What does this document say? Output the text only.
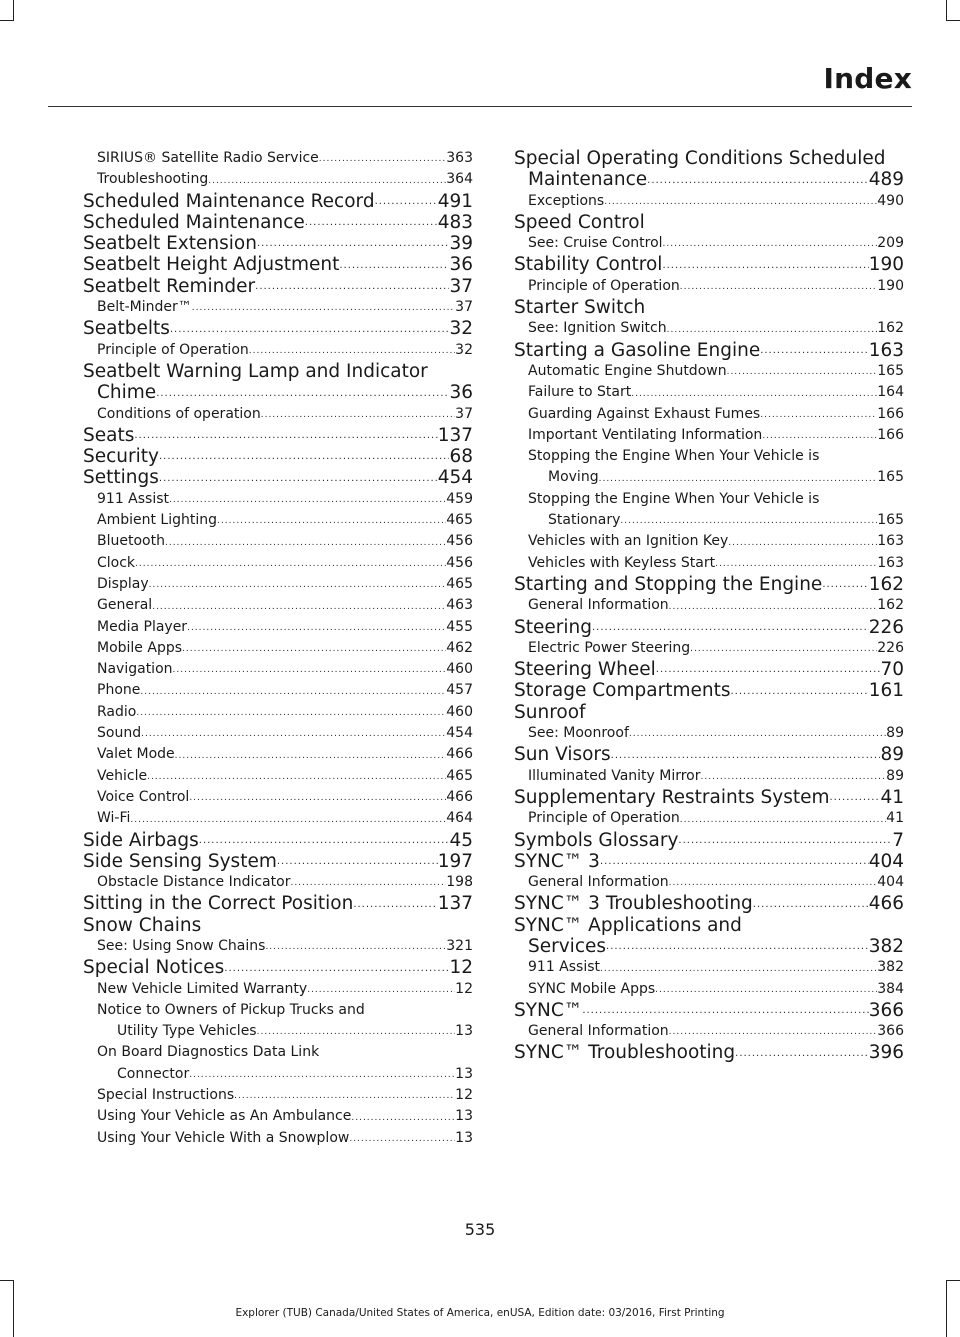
Index
SIRIUS® Satellite Radio Service .....	363
Troubleshooting .....	364
Scheduled Maintenance Record .....	491
Scheduled Maintenance .....	483
Seatbelt Extension .....	39
Seatbelt Height Adjustment .....	36
Seatbelt Reminder .....	37
Belt-Minder™ .....	37
Seatbelts .....	32
Principle of Operation .....	32
Seatbelt Warning Lamp and Indicator
Chime .....	36
Conditions of operation .....	37
Seats .....	137
Security .....	68
Settings .....	454
911 Assist .....	459
Ambient Lighting .....	465
Bluetooth .....	456
Clock .....	456
Display .....	465
General .....	463
Media Player .....	455
Mobile Apps .....	462
Navigation .....	460
Phone .....	457
Radio .....	460
Sound .....	454
Valet Mode .....	466
Vehicle .....	465
Voice Control .....	466
Wi-Fi .....	464
Side Airbags .....	45
Side Sensing System .....	197
Obstacle Distance Indicator .....	198
Sitting in the Correct Position .....	137
Snow Chains
See: Using Snow Chains .....	321
Special Notices .....	12
New Vehicle Limited Warranty .....	12
Notice to Owners of Pickup Trucks and
Utility Type Vehicles .....	13
On Board Diagnostics Data Link
Connector .....	13
Special Instructions .....	12
Using Your Vehicle as An Ambulance .....	13
Using Your Vehicle With a Snowplow .....	13
Special Operating Conditions Scheduled
Maintenance .....	489
Exceptions .....	490
Speed Control
See: Cruise Control .....	209
Stability Control .....	190
Principle of Operation .....	190
Starter Switch
See: Ignition Switch .....	162
Starting a Gasoline Engine .....	163
Automatic Engine Shutdown .....	165
Failure to Start .....	164
Guarding Against Exhaust Fumes .....	166
Important Ventilating Information .....	166
Stopping the Engine When Your Vehicle is
Moving .....	165
Stopping the Engine When Your Vehicle is
Stationary .....	165
Vehicles with an Ignition Key .....	163
Vehicles with Keyless Start .....	163
Starting and Stopping the Engine .....	162
General Information .....	162
Steering .....	226
Electric Power Steering .....	226
Steering Wheel .....	70
Storage Compartments .....	161
Sunroof
See: Moonroof .....	89
Sun Visors .....	89
Illuminated Vanity Mirror .....	89
Supplementary Restraints System .....	41
Principle of Operation .....	41
Symbols Glossary .....	7
SYNC™ 3 .....	404
General Information .....	404
SYNC™ 3 Troubleshooting .....	466
SYNC™ Applications and
Services .....	382
911 Assist .....	382
SYNC Mobile Apps .....	384
SYNC™ .....	366
General Information .....	366
SYNC™ Troubleshooting .....	396
535
Explorer (TUB) Canada/United States of America, enUSA, Edition date: 03/2016, First Printing
